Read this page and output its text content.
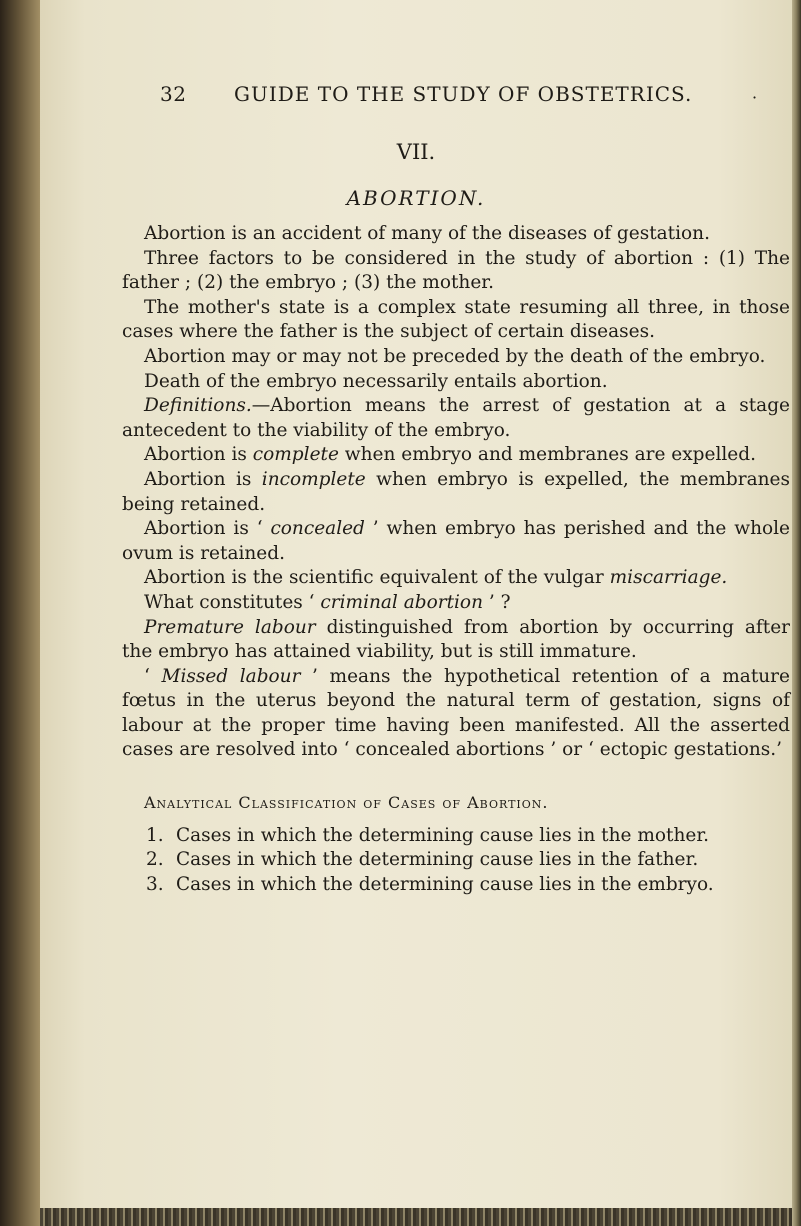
32 GUIDE TO THE STUDY OF OBSTETRICS.	·
VII.
ABORTION.

Abortion is an accident of many of the diseases of gestation.

Three factors to be considered in the study of abortion : (1) The father ; (2) the embryo ; (3) the mother.

The mother's state is a complex state resuming all three, in those cases where the father is the subject of certain diseases.

Abortion may or may not be preceded by the death of the embryo.

Death of the embryo necessarily entails abortion.

Definitions.—Abortion means the arrest of gestation at a stage antecedent to the viability of the embryo.

Abortion is complete when embryo and membranes are expelled.

Abortion is incomplete when embryo is expelled, the membranes being retained.

Abortion is ‘ concealed ’ when embryo has perished and the whole ovum is retained.

Abortion is the scientific equivalent of the vulgar miscarriage.

What constitutes ‘ criminal abortion ’ ?

Premature labour distinguished from abortion by occurring after the embryo has attained viability, but is still immature.

‘ Missed labour ’ means the hypothetical retention of a mature fœtus in the uterus beyond the natural term of gestation, signs of labour at the proper time having been manifested. All the asserted cases are resolved into ‘ concealed abortions ’ or ‘ ectopic gestations.’

Analytical Classification of Cases of Abortion.
1. Cases in which the determining cause lies in the mother.
2. Cases in which the determining cause lies in the father.
3. Cases in which the determining cause lies in the embryo.
